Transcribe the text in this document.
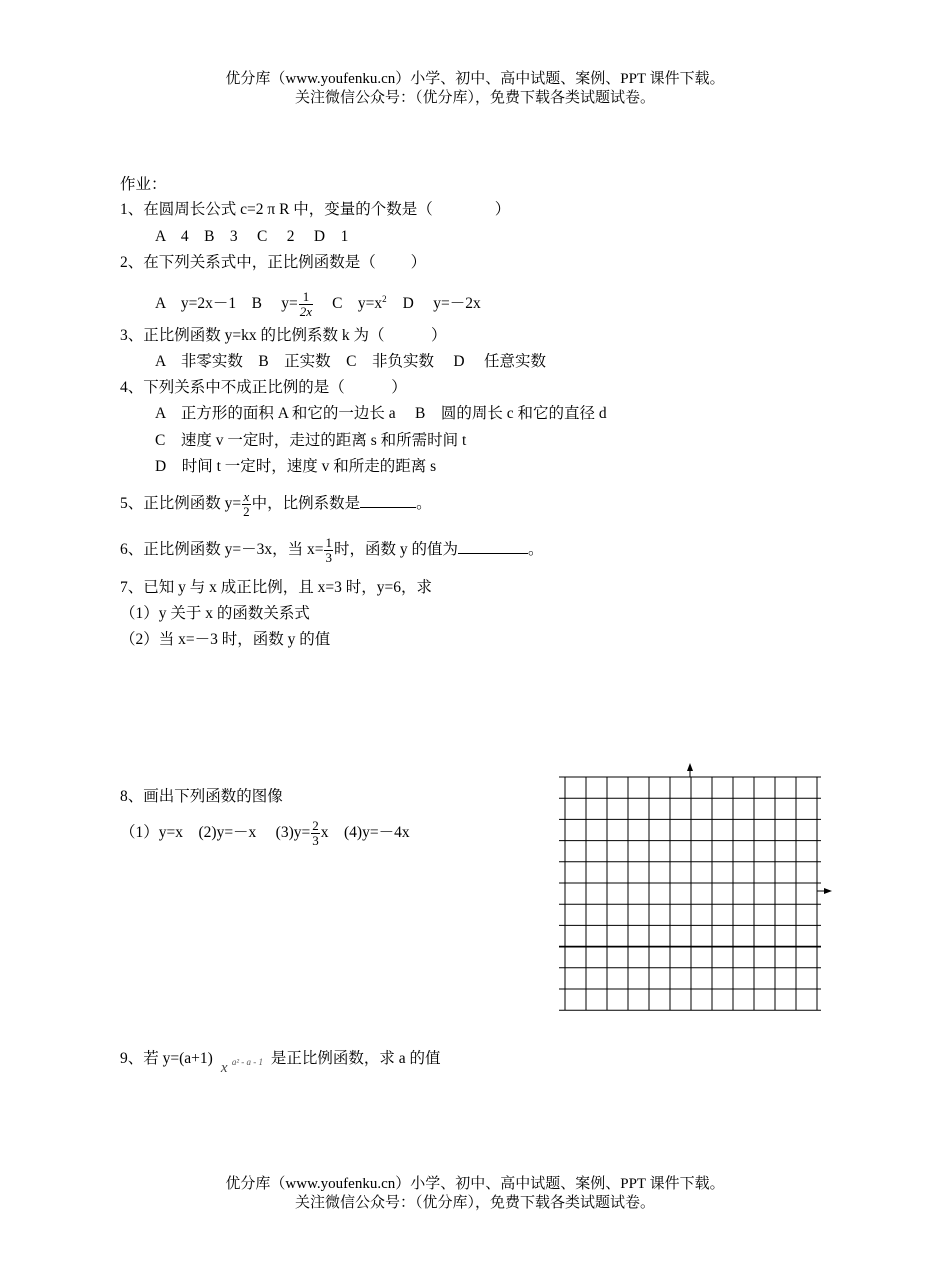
优分库（www.youfenku.cn）小学、初中、高中试题、案例、PPT 课件下载。
关注微信公众号：（优分库），免费下载各类试题试卷。
作业：
1、在圆周长公式 c=2 π R 中，变量的个数是（　　　　）
A　4　B　3　 C　 2　 D　1
2、在下列关系式中，正比例函数是（　　 ）
A　y=2x－1　B　 $y= \frac{1}{2x}$ C　$y=x^2$ D　 y=－2x
3、正比例函数 y=kx 的比例系数 k 为（　　　）
A　非零实数　B　正实数　C　非负实数　 D　 任意实数
4、下列关系中不成正比例的是（　　　）
A　正方形的面积 A 和它的一边长 a　 B　圆的周长 c 和它的直径 d
C　速度 v 一定时，走过的距离 s 和所需时间 t
D　时间 t 一定时，速度 v 和所走的距离 s
5、正比例函数 $y= \frac{x}{2}$ 中，比例系数是	。
6、正比例函数 y=－3x，当 $x= \frac{1}{3}$ 时，函数 y 的值为	。
7、已知 y 与 x 成正比例，且 x=3 时，y=6，求
（1）y 关于 x 的函数关系式
（2）当 x=－3 时，函数 y 的值
8、画出下列函数的图像
（1）y=x　(2)y=－x　 $(3)y= \frac{2}{3}$ x　(4)y=－4x
9、若 y=(a+1)
x a² - a - 1 是正比例函数，求 a 的值
优分库（www.youfenku.cn）小学、初中、高中试题、案例、PPT 课件下载。
关注微信公众号：（优分库），免费下载各类试题试卷。
